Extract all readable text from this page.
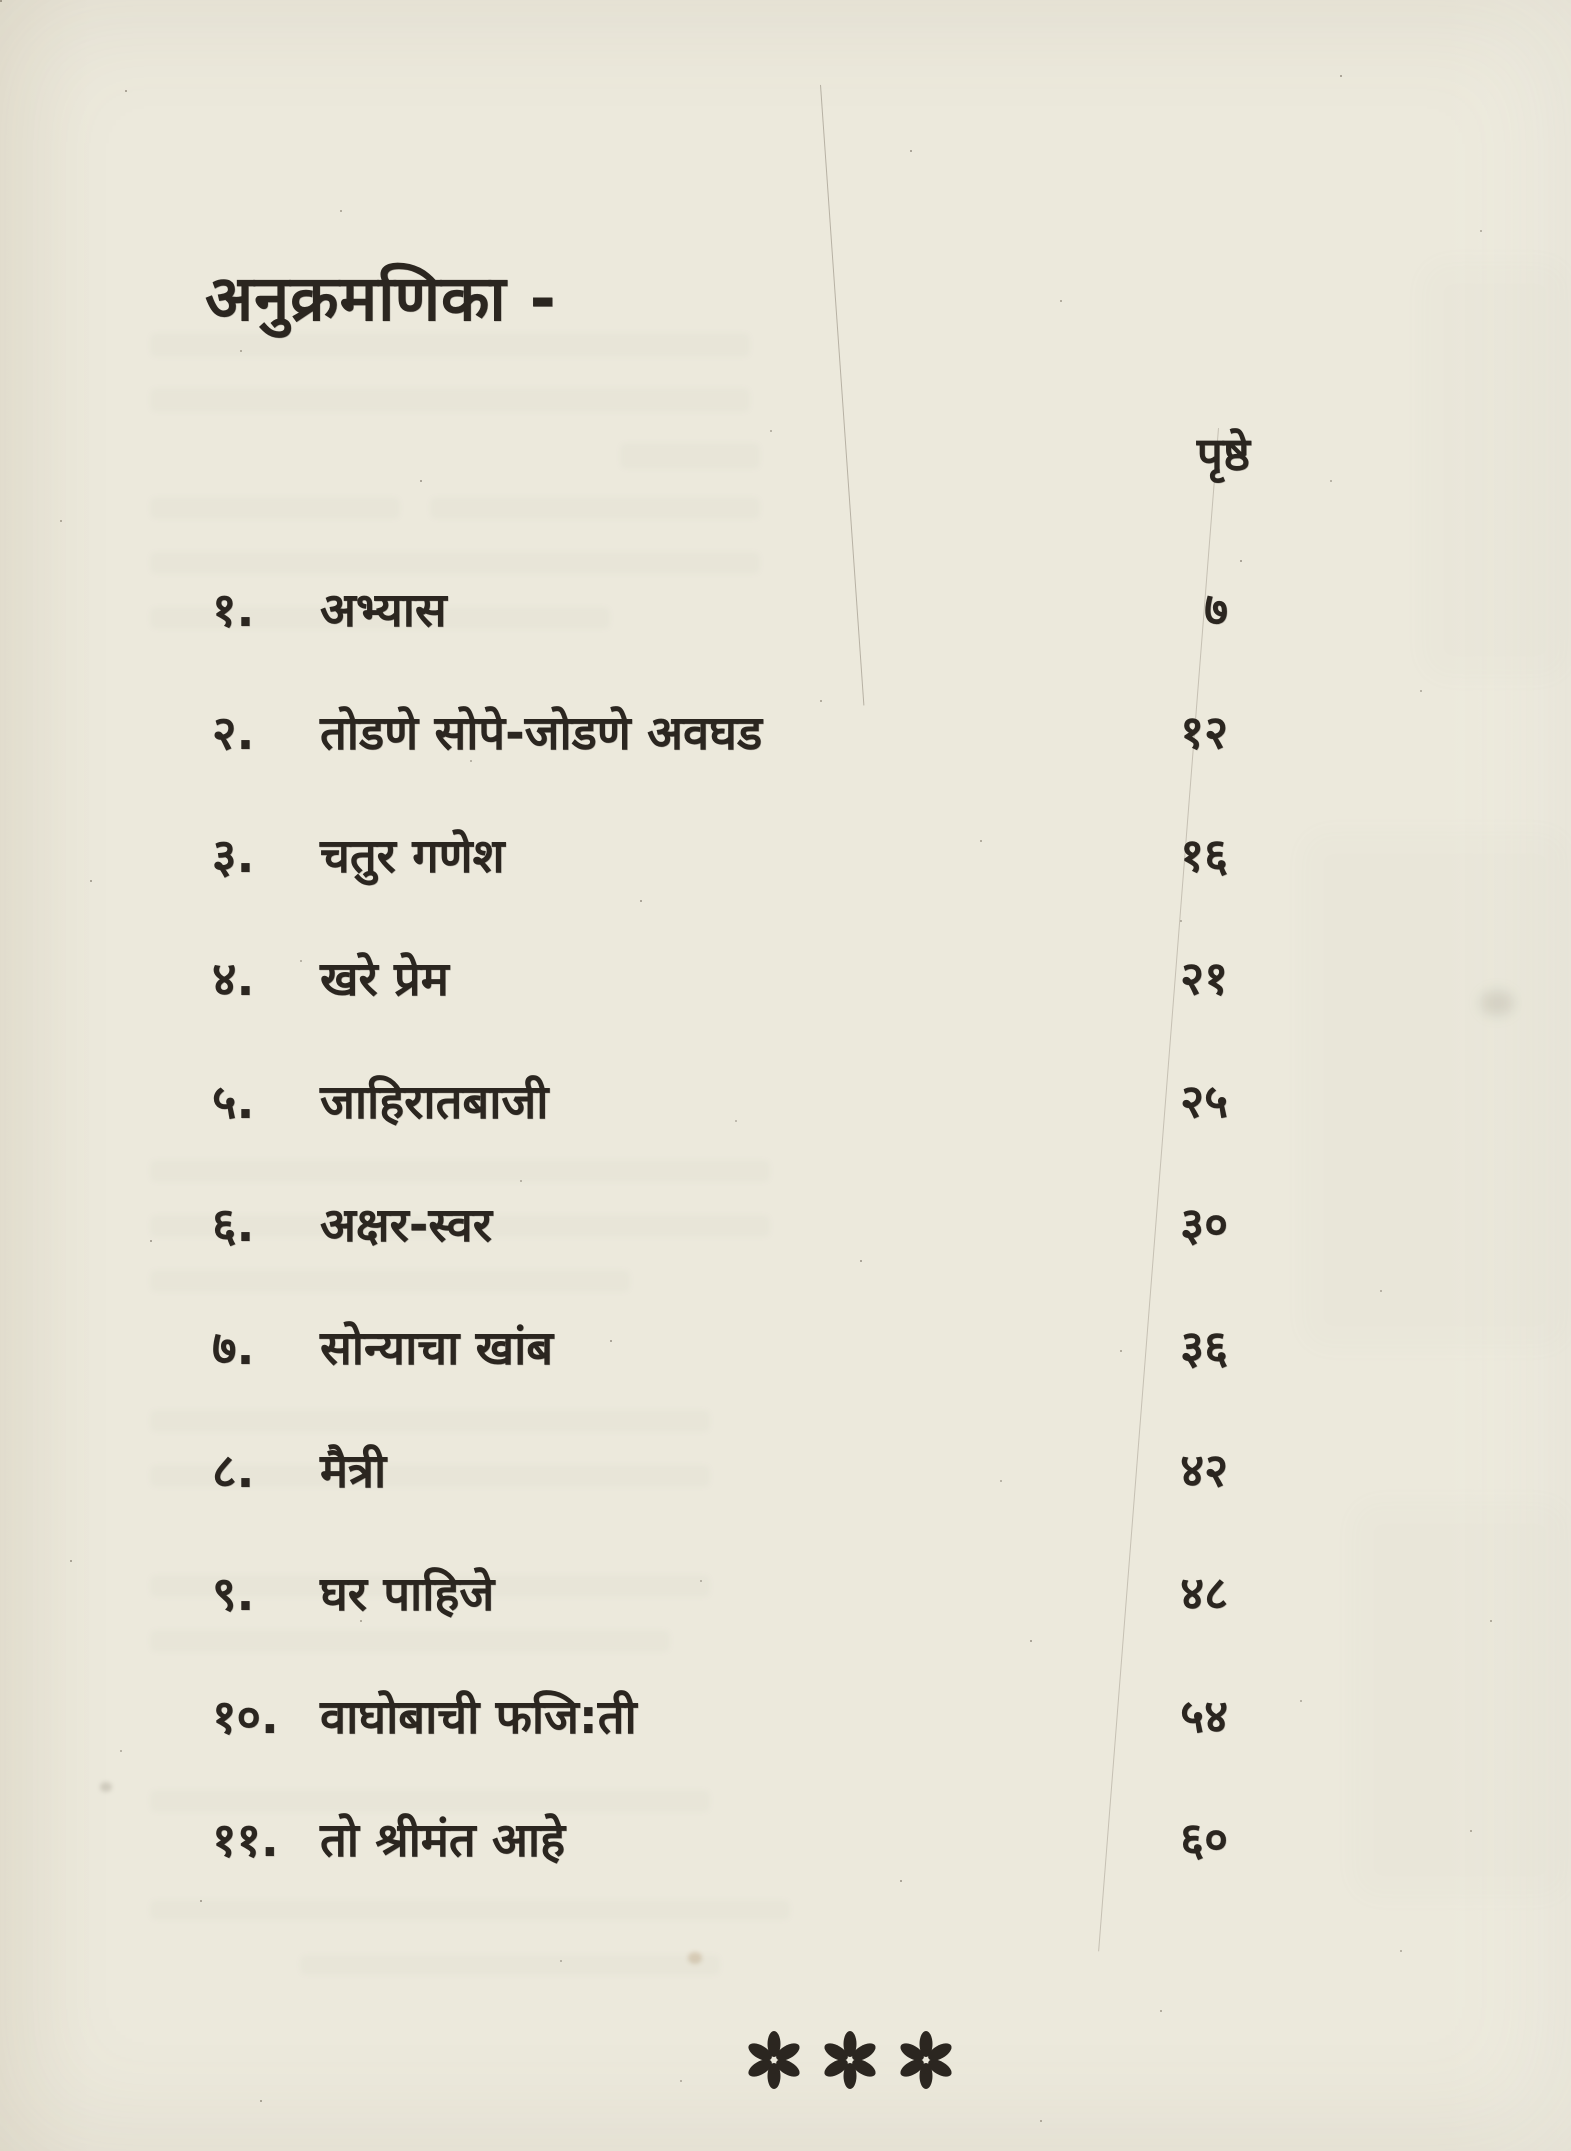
अनुक्रमणिका -
पृष्ठे
१.	अभ्यास	७
२.	तोडणे सोपे-जोडणे अवघड	१२
३.	चतुर गणेश	१६
४.	खरे प्रेम	२१
५.	जाहिरातबाजी	२५
६.	अक्षर-स्वर	३०
७.	सोन्याचा खांब	३६
८.	मैत्री	४२
९.	घर पाहिजे	४८
१०. वाघोबाची फजि:ती	५४
११. तो श्रीमंत आहे	६०
